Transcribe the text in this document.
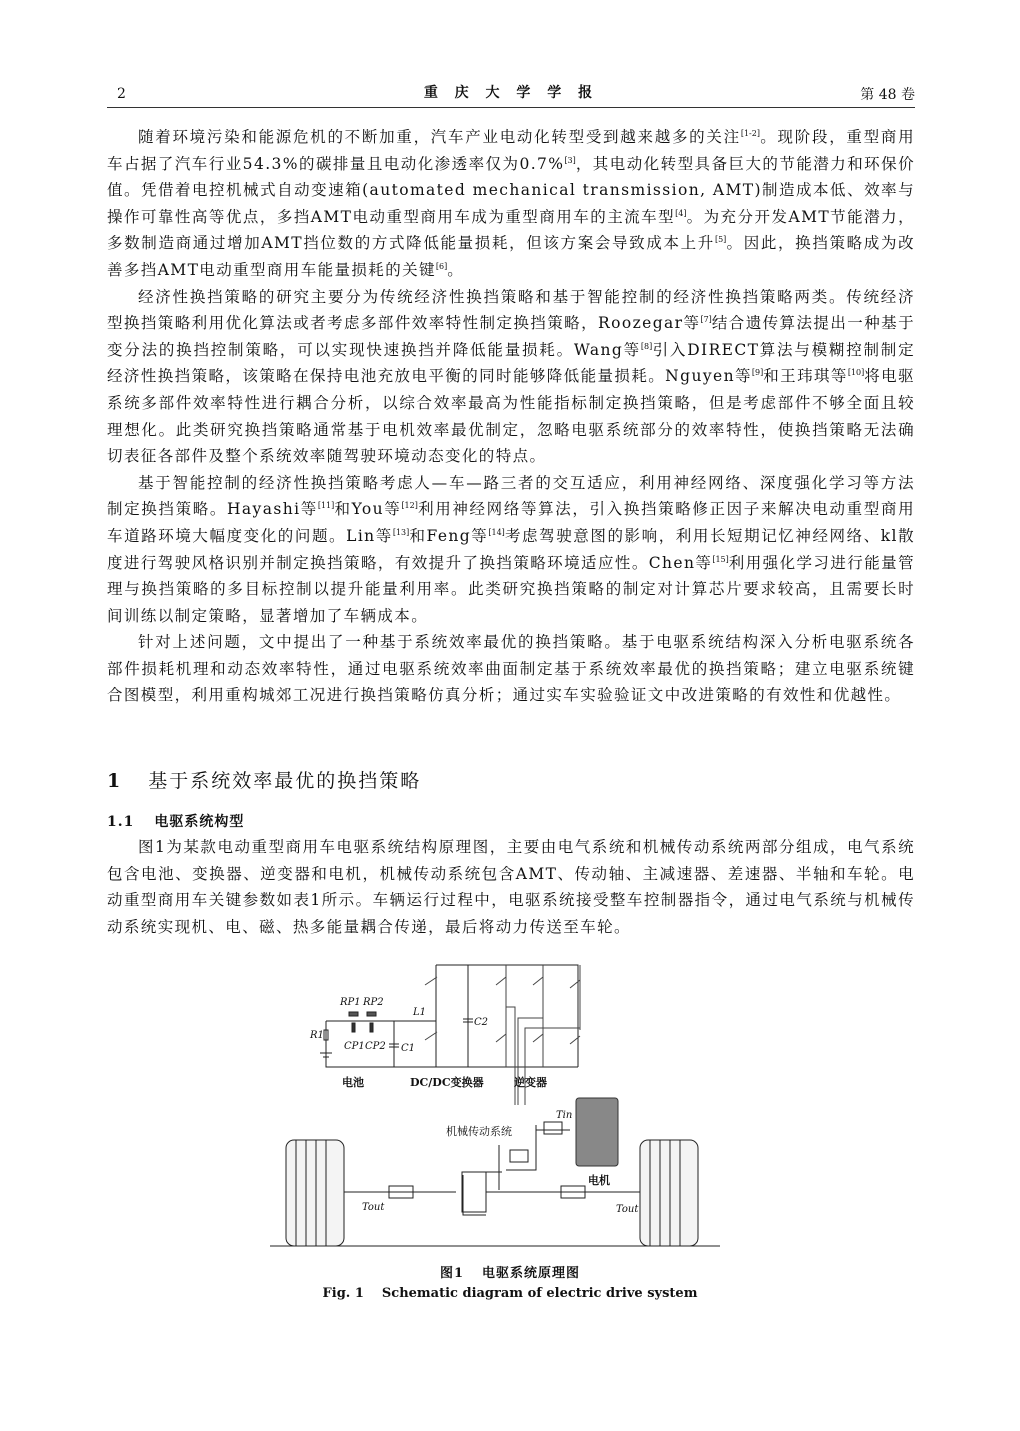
2	重 庆 大 学 学 报	第 48 卷

随着环境污染和能源危机的不断加重，汽车产业电动化转型受到越来越多的关注[1-2]。现阶段，重型商用车占据了汽车行业54.3%的碳排量且电动化渗透率仅为0.7%[3]，其电动化转型具备巨大的节能潜力和环保价值。凭借着电控机械式自动变速箱(automated mechanical transmission, AMT)制造成本低、效率与操作可靠性高等优点，多挡AMT电动重型商用车成为重型商用车的主流车型[4]。为充分开发AMT节能潜力，多数制造商通过增加AMT挡位数的方式降低能量损耗，但该方案会导致成本上升[5]。因此，换挡策略成为改善多挡AMT电动重型商用车能量损耗的关键[6]。

经济性换挡策略的研究主要分为传统经济性换挡策略和基于智能控制的经济性换挡策略两类。传统经济型换挡策略利用优化算法或者考虑多部件效率特性制定换挡策略，Roozegar等[7]结合遗传算法提出一种基于变分法的换挡控制策略，可以实现快速换挡并降低能量损耗。Wang等[8]引入DIRECT算法与模糊控制制定经济性换挡策略，该策略在保持电池充放电平衡的同时能够降低能量损耗。Nguyen等[9]和王玮琪等[10]将电驱系统多部件效率特性进行耦合分析，以综合效率最高为性能指标制定换挡策略，但是考虑部件不够全面且较理想化。此类研究换挡策略通常基于电机效率最优制定，忽略电驱系统部分的效率特性，使换挡策略无法确切表征各部件及整个系统效率随驾驶环境动态变化的特点。

基于智能控制的经济性换挡策略考虑人—车—路三者的交互适应，利用神经网络、深度强化学习等方法制定换挡策略。Hayashi等[11]和You等[12]利用神经网络等算法，引入换挡策略修正因子来解决电动重型商用车道路环境大幅度变化的问题。Lin等[13]和Feng等[14]考虑驾驶意图的影响，利用长短期记忆神经网络、kl散度进行驾驶风格识别并制定换挡策略，有效提升了换挡策略环境适应性。Chen等[15]利用强化学习进行能量管理与换挡策略的多目标控制以提升能量利用率。此类研究换挡策略的制定对计算芯片要求较高，且需要长时间训练以制定策略，显著增加了车辆成本。

针对上述问题，文中提出了一种基于系统效率最优的换挡策略。基于电驱系统结构深入分析电驱系统各部件损耗机理和动态效率特性，通过电驱系统效率曲面制定基于系统效率最优的换挡策略；建立电驱系统键合图模型，利用重构城郊工况进行换挡策略仿真分析；通过实车实验验证文中改进策略的有效性和优越性。

1 基于系统效率最优的换挡策略
1.1 电驱系统构型

图1为某款电动重型商用车电驱系统结构原理图，主要由电气系统和机械传动系统两部分组成，电气系统包含电池、变换器、逆变器和电机，机械传动系统包含AMT、传动轴、主减速器、差速器、半轴和车轮。电动重型商用车关键参数如表1所示。车辆运行过程中，电驱系统接受整车控制器指令，通过电气系统与机械传动系统实现机、电、磁、热多能量耦合传递，最后将动力传送至车轮。

RP1 RP2
R1
CP1 CP2 C1
L1
C2
电池	DC/DC变换器	逆变器
电机
Tin
机械传动系统
Tout	Tout
图1 电驱系统原理图
Fig. 1 Schematic diagram of electric drive system
